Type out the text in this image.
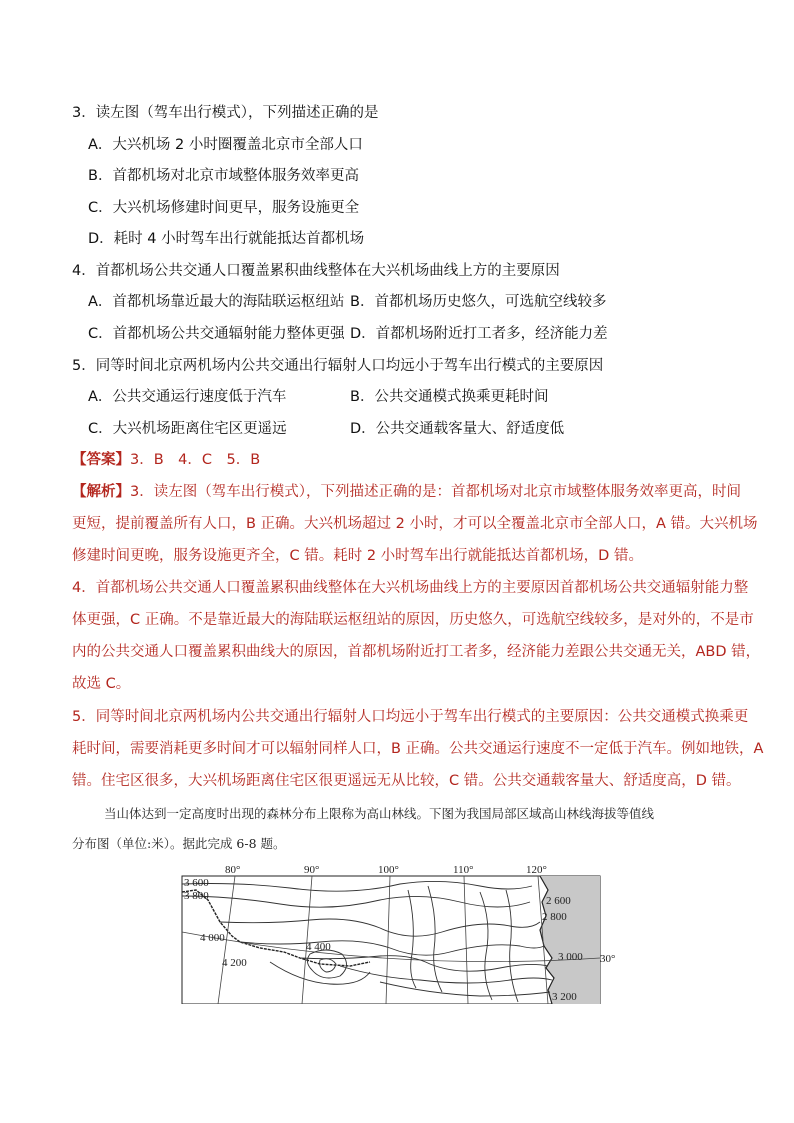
3．读左图（驾车出行模式），下列描述正确的是
A．大兴机场 2 小时圈覆盖北京市全部人口
B．首都机场对北京市域整体服务效率更高
C．大兴机场修建时间更早，服务设施更全
D．耗时 4 小时驾车出行就能抵达首都机场
4．首都机场公共交通人口覆盖累积曲线整体在大兴机场曲线上方的主要原因
A．首都机场靠近最大的海陆联运枢纽站 B．首都机场历史悠久，可选航空线较多
C．首都机场公共交通辐射能力整体更强 D．首都机场附近打工者多，经济能力差
5．同等时间北京两机场内公共交通出行辐射人口均远小于驾车出行模式的主要原因
A．公共交通运行速度低于汽车	B．公共交通模式换乘更耗时间
C．大兴机场距离住宅区更遥远	D．公共交通载客量大、舒适度低
【答案】3．B　4．C　5．B
【解析】3．读左图（驾车出行模式），下列描述正确的是：首都机场对北京市域整体服务效率更高，时间
更短，提前覆盖所有人口，B 正确。大兴机场超过 2 小时，才可以全覆盖北京市全部人口，A 错。大兴机场
修建时间更晚，服务设施更齐全，C 错。耗时 2 小时驾车出行就能抵达首都机场，D 错。
4．首都机场公共交通人口覆盖累积曲线整体在大兴机场曲线上方的主要原因首都机场公共交通辐射能力整
体更强，C 正确。不是靠近最大的海陆联运枢纽站的原因，历史悠久，可选航空线较多，是对外的，不是市
内的公共交通人口覆盖累积曲线大的原因，首都机场附近打工者多，经济能力差跟公共交通无关，ABD 错，
故选 C。
5．同等时间北京两机场内公共交通出行辐射人口均远小于驾车出行模式的主要原因：公共交通模式换乘更
耗时间，需要消耗更多时间才可以辐射同样人口，B 正确。公共交通运行速度不一定低于汽车。例如地铁，A
错。住宅区很多，大兴机场距离住宅区很更遥远无从比较，C 错。公共交通载客量大、舒适度高，D 错。
当山体达到一定高度时出现的森林分布上限称为高山林线。下图为我国局部区域高山林线海拔等值线
分布图（单位:米）。据此完成 6-8 题。
80°	90°	100°	110°	120°
30°
3 600
3 800
4 000
4 200
4 400
2 600
2 800
3 000
3 200
